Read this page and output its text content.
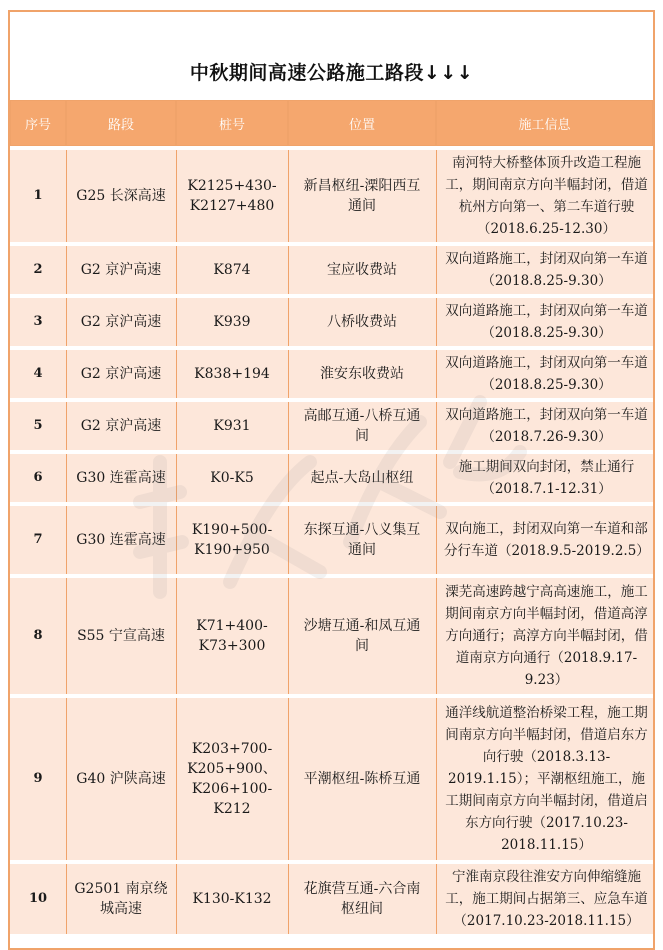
中秋期间高速公路施工路段↓↓↓
序号	路段	桩号	位置	施工信息
1	G25 长深高速	K2125+430-K2127+480	新昌枢纽-溧阳西互通间	南河特大桥整体顶升改造工程施工，期间南京方向半幅封闭，借道杭州方向第一、第二车道行驶（2018.6.25-12.30）
2	G2 京沪高速	K874	宝应收费站	双向道路施工，封闭双向第一车道（2018.8.25-9.30）
3	G2 京沪高速	K939	八桥收费站	双向道路施工，封闭双向第一车道（2018.8.25-9.30）
4	G2 京沪高速	K838+194	淮安东收费站	双向道路施工，封闭双向第一车道（2018.8.25-9.30）
5	G2 京沪高速	K931	高邮互通-八桥互通间	双向道路施工，封闭双向第一车道（2018.7.26-9.30）
6	G30 连霍高速	K0-K5	起点-大岛山枢纽	施工期间双向封闭，禁止通行（2018.7.1-12.31）
7	G30 连霍高速	K190+500-K190+950	东探互通-八义集互通间	双向施工，封闭双向第一车道和部分行车道（2018.9.5-2019.2.5）
8	S55 宁宣高速	K71+400-K73+300	沙塘互通-和凤互通间	溧芜高速跨越宁高高速施工，施工期间南京方向半幅封闭，借道高淳方向通行；高淳方向半幅封闭，借道南京方向通行（2018.9.17-9.23）
9	G40 沪陕高速	K203+700-K205+900、K206+100-K212	平潮枢纽-陈桥互通	通洋线航道整治桥梁工程，施工期间南京方向半幅封闭，借道启东方向行驶（2018.3.13-2019.1.15）；平潮枢纽施工，施工期间南京方向半幅封闭，借道启东方向行驶（2017.10.23-2018.11.15）
10	G2501 南京绕城高速	K130-K132	花旗营互通-六合南枢纽间	宁淮南京段往淮安方向伸缩缝施工，施工期间占据第三、应急车道（2017.10.23-2018.11.15）
